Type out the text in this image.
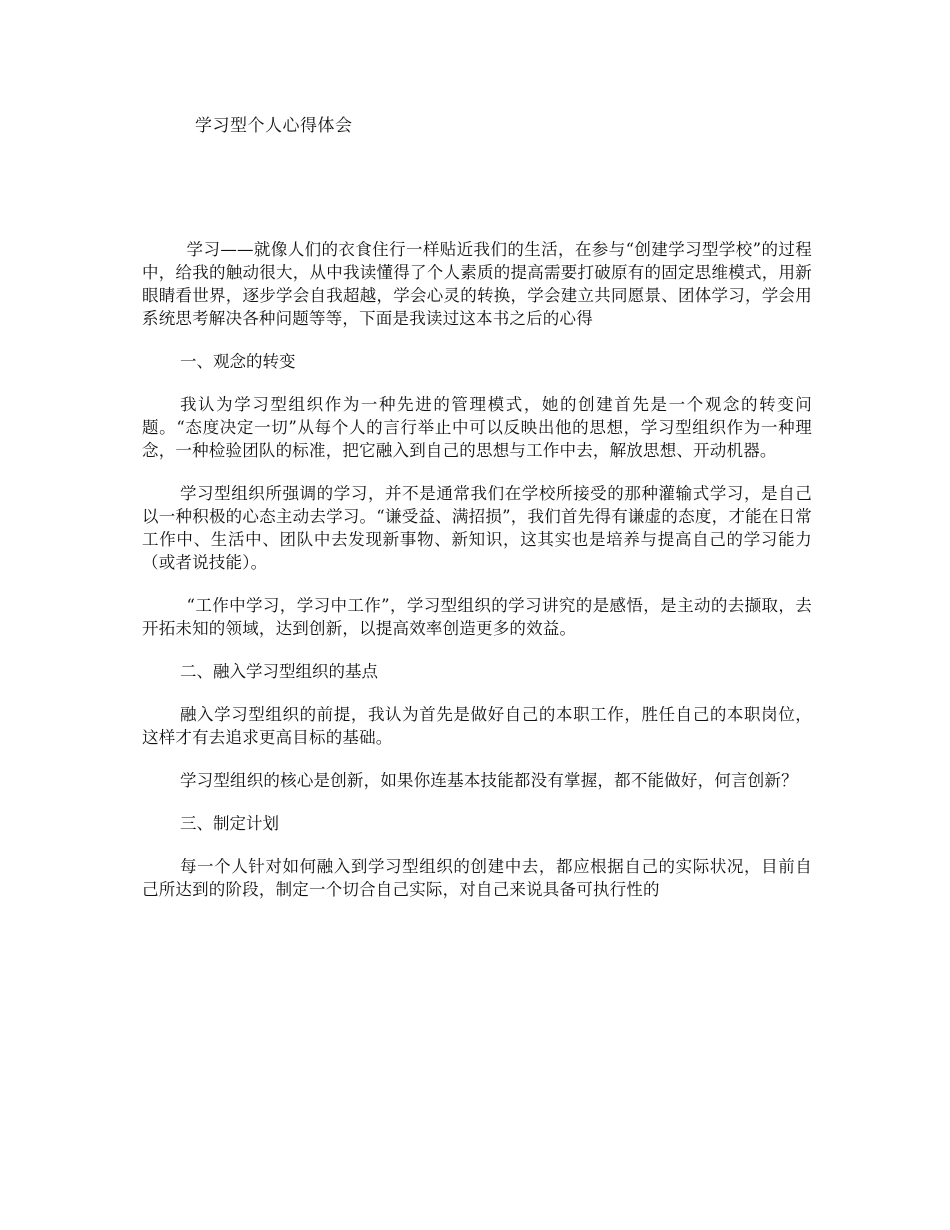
学习型个人心得体会

学习——就像人们的衣食住行一样贴近我们的生活，在参与“创建学习型学校”的过程中，给我的触动很大，从中我读懂得了个人素质的提高需要打破原有的固定思维模式，用新眼睛看世界，逐步学会自我超越，学会心灵的转换，学会建立共同愿景、团体学习，学会用系统思考解决各种问题等等，下面是我读过这本书之后的心得

一、观念的转变

我认为学习型组织作为一种先进的管理模式，她的创建首先是一个观念的转变问题。“态度决定一切”从每个人的言行举止中可以反映出他的思想，学习型组织作为一种理念，一种检验团队的标准，把它融入到自己的思想与工作中去，解放思想、开动机器。

学习型组织所强调的学习，并不是通常我们在学校所接受的那种灌输式学习，是自己以一种积极的心态主动去学习。“谦受益、满招损”，我们首先得有谦虚的态度，才能在日常工作中、生活中、团队中去发现新事物、新知识，这其实也是培养与提高自己的学习能力（或者说技能）。

“工作中学习，学习中工作”，学习型组织的学习讲究的是感悟，是主动的去撷取，去开拓未知的领域，达到创新，以提高效率创造更多的效益。

二、融入学习型组织的基点

融入学习型组织的前提，我认为首先是做好自己的本职工作，胜任自己的本职岗位，这样才有去追求更高目标的基础。

学习型组织的核心是创新，如果你连基本技能都没有掌握，都不能做好，何言创新？

三、制定计划

每一个人针对如何融入到学习型组织的创建中去，都应根据自己的实际状况，目前自己所达到的阶段，制定一个切合自己实际，对自己来说具备可执行性的
